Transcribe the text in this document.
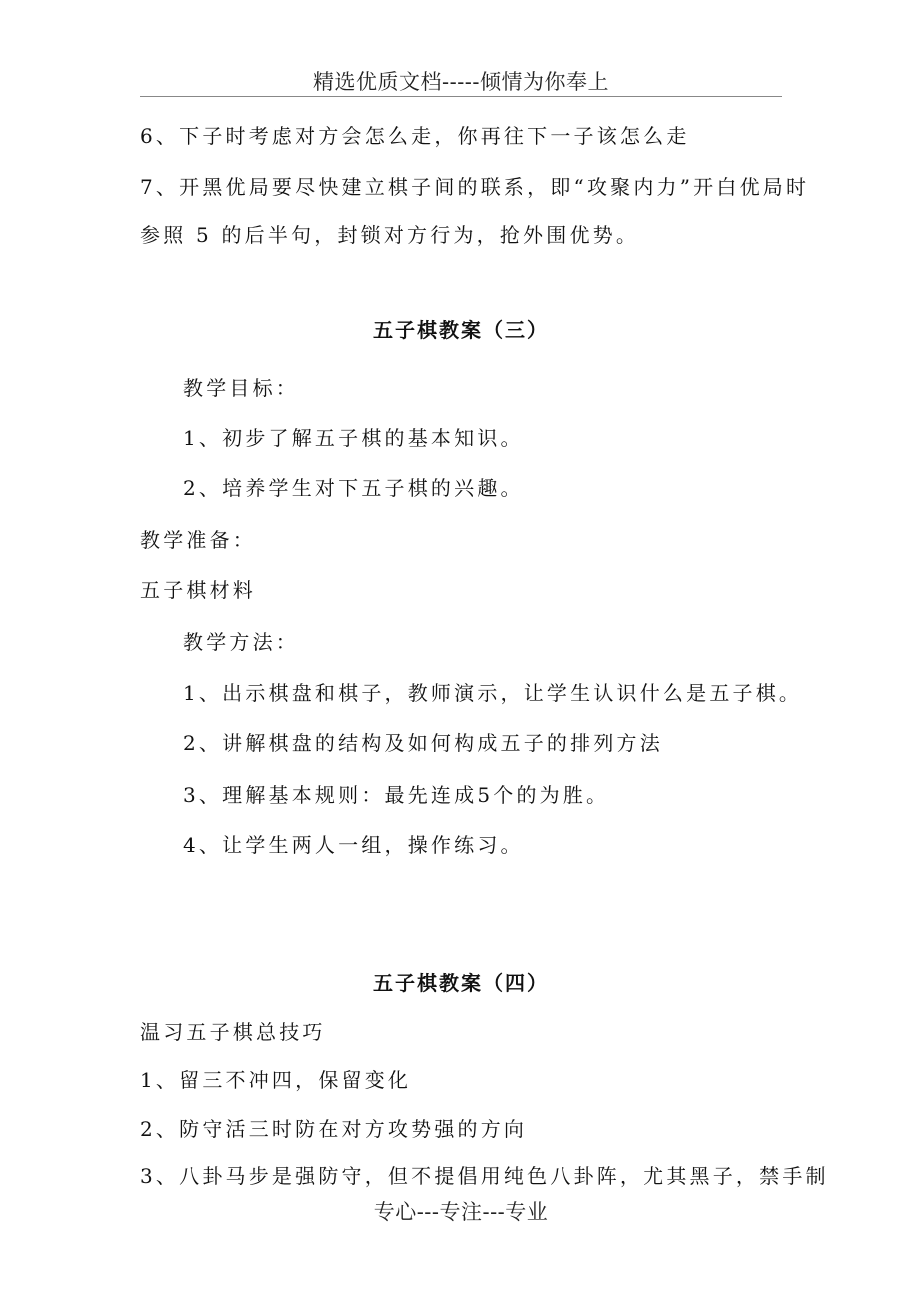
精选优质文档-----倾情为你奉上
6、下子时考虑对方会怎么走，你再往下一子该怎么走
7、开黑优局要尽快建立棋子间的联系，即“攻聚内力”开白优局时
参照 5 的后半句，封锁对方行为，抢外围优势。
五子棋教案（三）
教学目标：
1、初步了解五子棋的基本知识。
2、培养学生对下五子棋的兴趣。
教学准备：
五子棋材料
教学方法：
1、出示棋盘和棋子，教师演示，让学生认识什么是五子棋。
2、讲解棋盘的结构及如何构成五子的排列方法
3、理解基本规则：最先连成5个的为胜。
4、让学生两人一组，操作练习。
五子棋教案（四）
温习五子棋总技巧
1、留三不冲四，保留变化
2、防守活三时防在对方攻势强的方向
3、八卦马步是强防守，但不提倡用纯色八卦阵，尤其黑子，禁手制
专心---专注---专业
